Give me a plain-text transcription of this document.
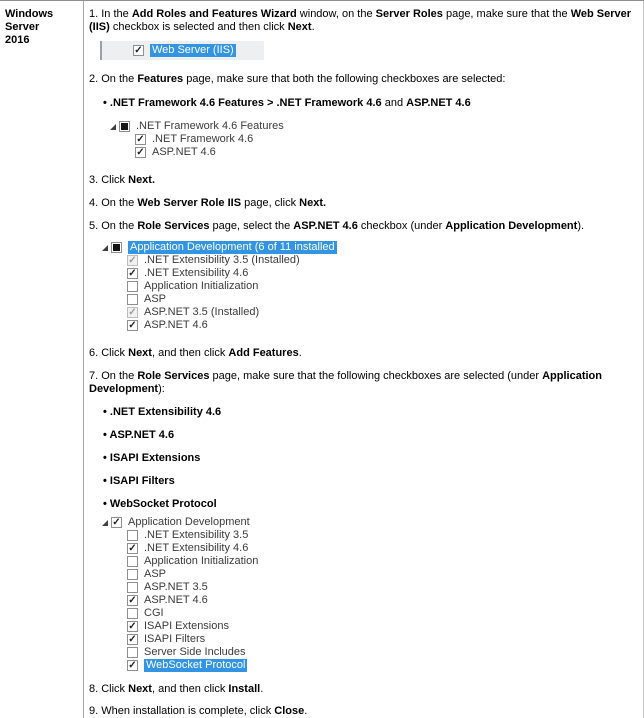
Windows Server
2016

1. In the Add Roles and Features Wizard window, on the Server Roles page, make sure that the Web Server (IIS) checkbox is selected and then click Next.

✓
Web Server (IIS)

2. On the Features page, make sure that both the following checkboxes are selected:

• .NET Framework 4.6 Features > .NET Framework 4.6 and ASP.NET 4.6

.NET Framework 4.6 Features
✓
.NET Framework 4.6
✓
ASP.NET 4.6

3. Click Next.

4. On the Web Server Role IIS page, click Next.

5. On the Role Services page, select the ASP.NET 4.6 checkbox (under Application Development).

Application Development (6 of 11 installed
✓
.NET Extensibility 3.5 (Installed)
✓
.NET Extensibility 4.6
Application Initialization
ASP
✓
ASP.NET 3.5 (Installed)
✓
ASP.NET 4.6

6. Click Next, and then click Add Features.

7. On the Role Services page, make sure that the following checkboxes are selected (under Application Development):

• .NET Extensibility 4.6

• ASP.NET 4.6

• ISAPI Extensions

• ISAPI Filters

• WebSocket Protocol

✓
Application Development
.NET Extensibility 3.5
✓
.NET Extensibility 4.6
Application Initialization
ASP
ASP.NET 3.5
✓
ASP.NET 4.6
CGI
✓
ISAPI Extensions
✓
ISAPI Filters
Server Side Includes
✓
WebSocket Protocol

8. Click Next, and then click Install.

9. When installation is complete, click Close.
